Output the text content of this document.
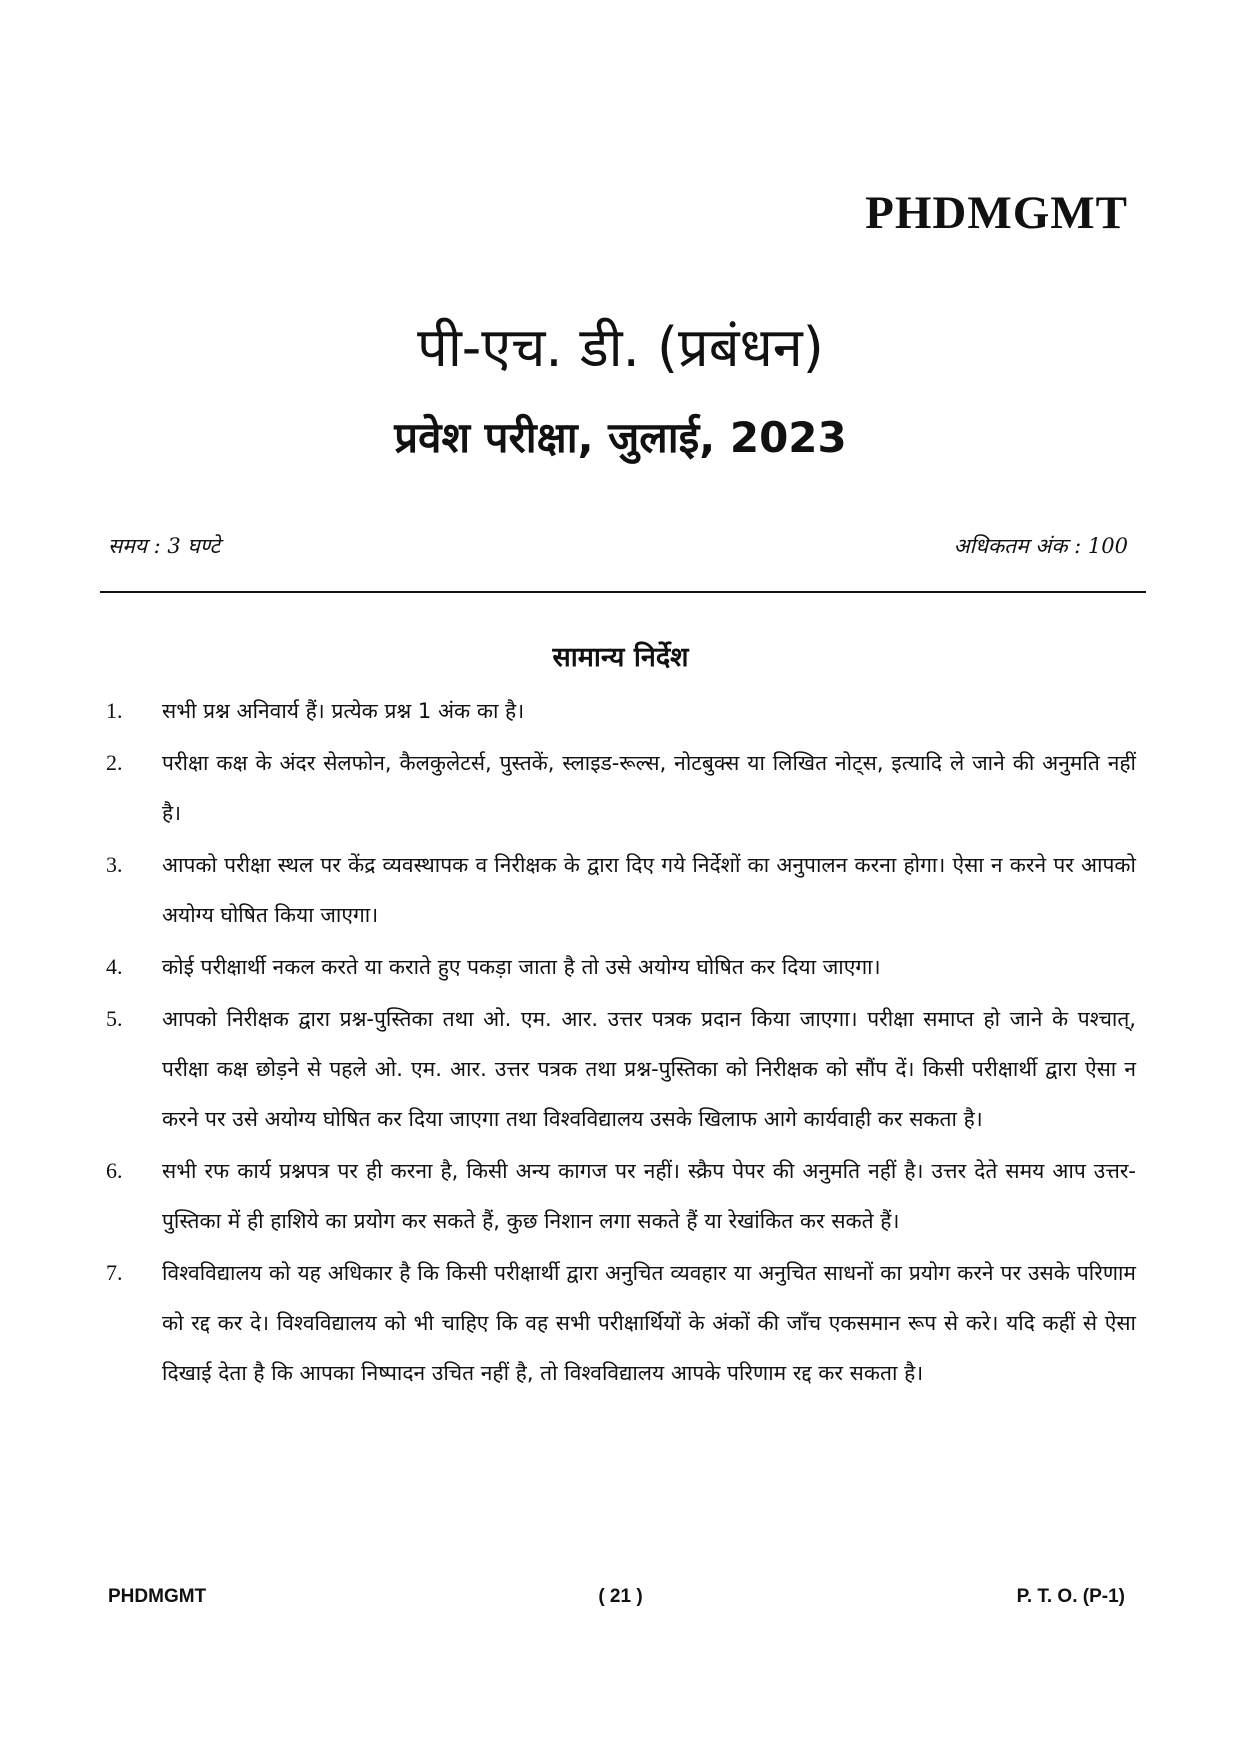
PHDMGMT
पी-एच. डी. (प्रबंधन)
प्रवेश परीक्षा, जुलाई, 2023
समय : 3 घण्टे	अधिकतम अंक : 100
सामान्य निर्देश
1.	सभी प्रश्न अनिवार्य हैं। प्रत्येक प्रश्न 1 अंक का है।
2.	परीक्षा कक्ष के अंदर सेलफोन, कैलकुलेटर्स, पुस्तकें, स्लाइड-रूल्स, नोटबुक्स या लिखित नोट्स, इत्यादि ले जाने की अनुमति नहीं है।
3.	आपको परीक्षा स्थल पर केंद्र व्यवस्थापक व निरीक्षक के द्वारा दिए गये निर्देशों का अनुपालन करना होगा। ऐसा न करने पर आपको अयोग्य घोषित किया जाएगा।
4.	कोई परीक्षार्थी नकल करते या कराते हुए पकड़ा जाता है तो उसे अयोग्य घोषित कर दिया जाएगा।
5.	आपको निरीक्षक द्वारा प्रश्न-पुस्तिका तथा ओ. एम. आर. उत्तर पत्रक प्रदान किया जाएगा। परीक्षा समाप्त हो जाने के पश्चात्, परीक्षा कक्ष छोड़ने से पहले ओ. एम. आर. उत्तर पत्रक तथा प्रश्न-पुस्तिका को निरीक्षक को सौंप दें। किसी परीक्षार्थी द्वारा ऐसा न करने पर उसे अयोग्य घोषित कर दिया जाएगा तथा विश्वविद्यालय उसके खिलाफ आगे कार्यवाही कर सकता है।
6.	सभी रफ कार्य प्रश्नपत्र पर ही करना है, किसी अन्य कागज पर नहीं। स्क्रैप पेपर की अनुमति नहीं है। उत्तर देते समय आप उत्तर-पुस्तिका में ही हाशिये का प्रयोग कर सकते हैं, कुछ निशान लगा सकते हैं या रेखांकित कर सकते हैं।
7.	विश्वविद्यालय को यह अधिकार है कि किसी परीक्षार्थी द्वारा अनुचित व्यवहार या अनुचित साधनों का प्रयोग करने पर उसके परिणाम को रद्द कर दे। विश्वविद्यालय को भी चाहिए कि वह सभी परीक्षार्थियों के अंकों की जाँच एकसमान रूप से करे। यदि कहीं से ऐसा दिखाई देता है कि आपका निष्पादन उचित नहीं है, तो विश्वविद्यालय आपके परिणाम रद्द कर सकता है।
PHDMGMT	( 21 )	P. T. O. (P-1)
